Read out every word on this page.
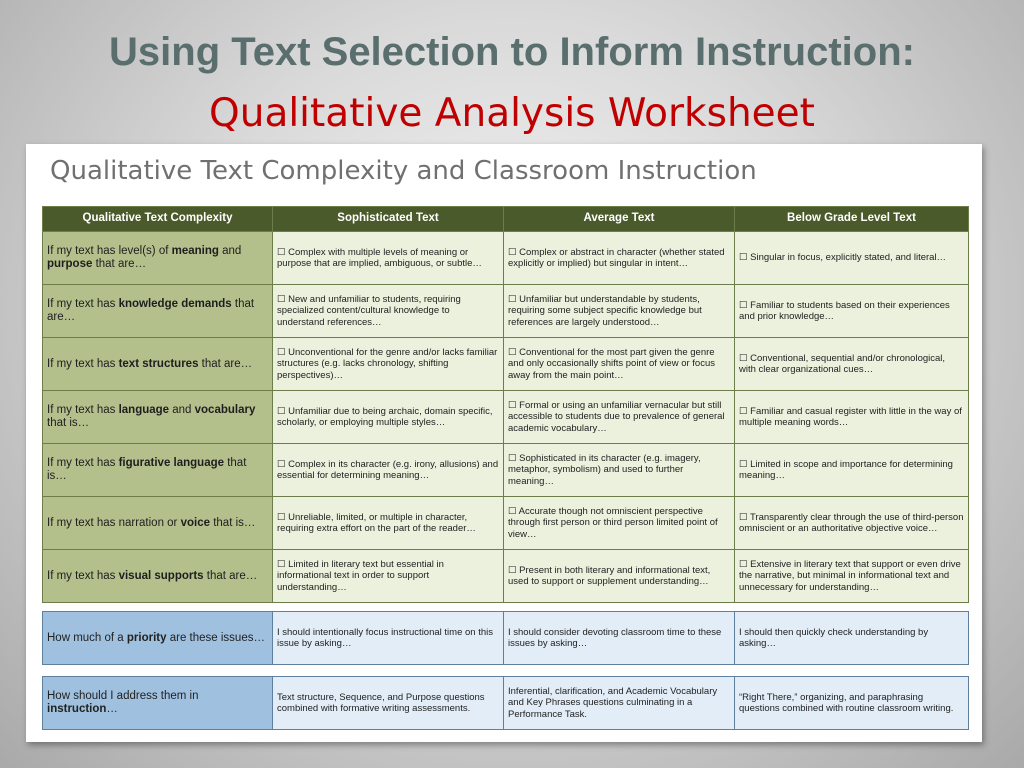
Using Text Selection to Inform Instruction:
Qualitative Analysis Worksheet
Qualitative Text Complexity and Classroom Instruction
Qualitative Text Complexity	Sophisticated Text	Average Text	Below Grade Level Text
If my text has level(s) of meaning and purpose that are…	☐ Complex with multiple levels of meaning or purpose that are implied, ambiguous, or subtle…	☐ Complex or abstract in character (whether stated explicitly or implied) but singular in intent…	☐ Singular in focus, explicitly stated, and literal…
If my text has knowledge demands that are…	☐ New and unfamiliar to students, requiring specialized content/cultural knowledge to understand references…	☐ Unfamiliar but understandable by students, requiring some subject specific knowledge but references are largely understood…	☐ Familiar to students based on their experiences and prior knowledge…
If my text has text structures that are…	☐ Unconventional for the genre and/or lacks familiar structures (e.g. lacks chronology, shifting perspectives)…	☐ Conventional for the most part given the genre and only occasionally shifts point of view or focus away from the main point…	☐ Conventional, sequential and/or chronological, with clear organizational cues…
If my text has language and vocabulary that is…	☐ Unfamiliar due to being archaic, domain specific, scholarly, or employing multiple styles…	☐ Formal or using an unfamiliar vernacular but still accessible to students due to prevalence of general academic vocabulary…	☐ Familiar and casual register with little in the way of multiple meaning words…
If my text has figurative language that is…	☐ Complex in its character (e.g. irony, allusions) and essential for determining meaning…	☐ Sophisticated in its character (e.g. imagery, metaphor, symbolism) and used to further meaning…	☐ Limited in scope and importance for determining meaning…
If my text has narration or voice that is…	☐ Unreliable, limited, or multiple in character, requiring extra effort on the part of the reader…	☐ Accurate though not omniscient perspective through first person or third person limited point of view…	☐ Transparently clear through the use of third-person omniscient or an authoritative objective voice…
If my text has visual supports that are…	☐ Limited in literary text but essential in informational text in order to support understanding…	☐ Present in both literary and informational text, used to support or supplement understanding…	☐ Extensive in literary text that support or even drive the narrative, but minimal in informational text and unnecessary for understanding…
How much of a priority are these issues…	I should intentionally focus instructional time on this issue by asking…	I should consider devoting classroom time to these issues by asking…	I should then quickly check understanding by asking…
How should I address them in instruction…	Text structure, Sequence, and Purpose questions combined with formative writing assessments.	Inferential, clarification, and Academic Vocabulary and Key Phrases questions culminating in a Performance Task.	“Right There,” organizing, and paraphrasing questions combined with routine classroom writing.
